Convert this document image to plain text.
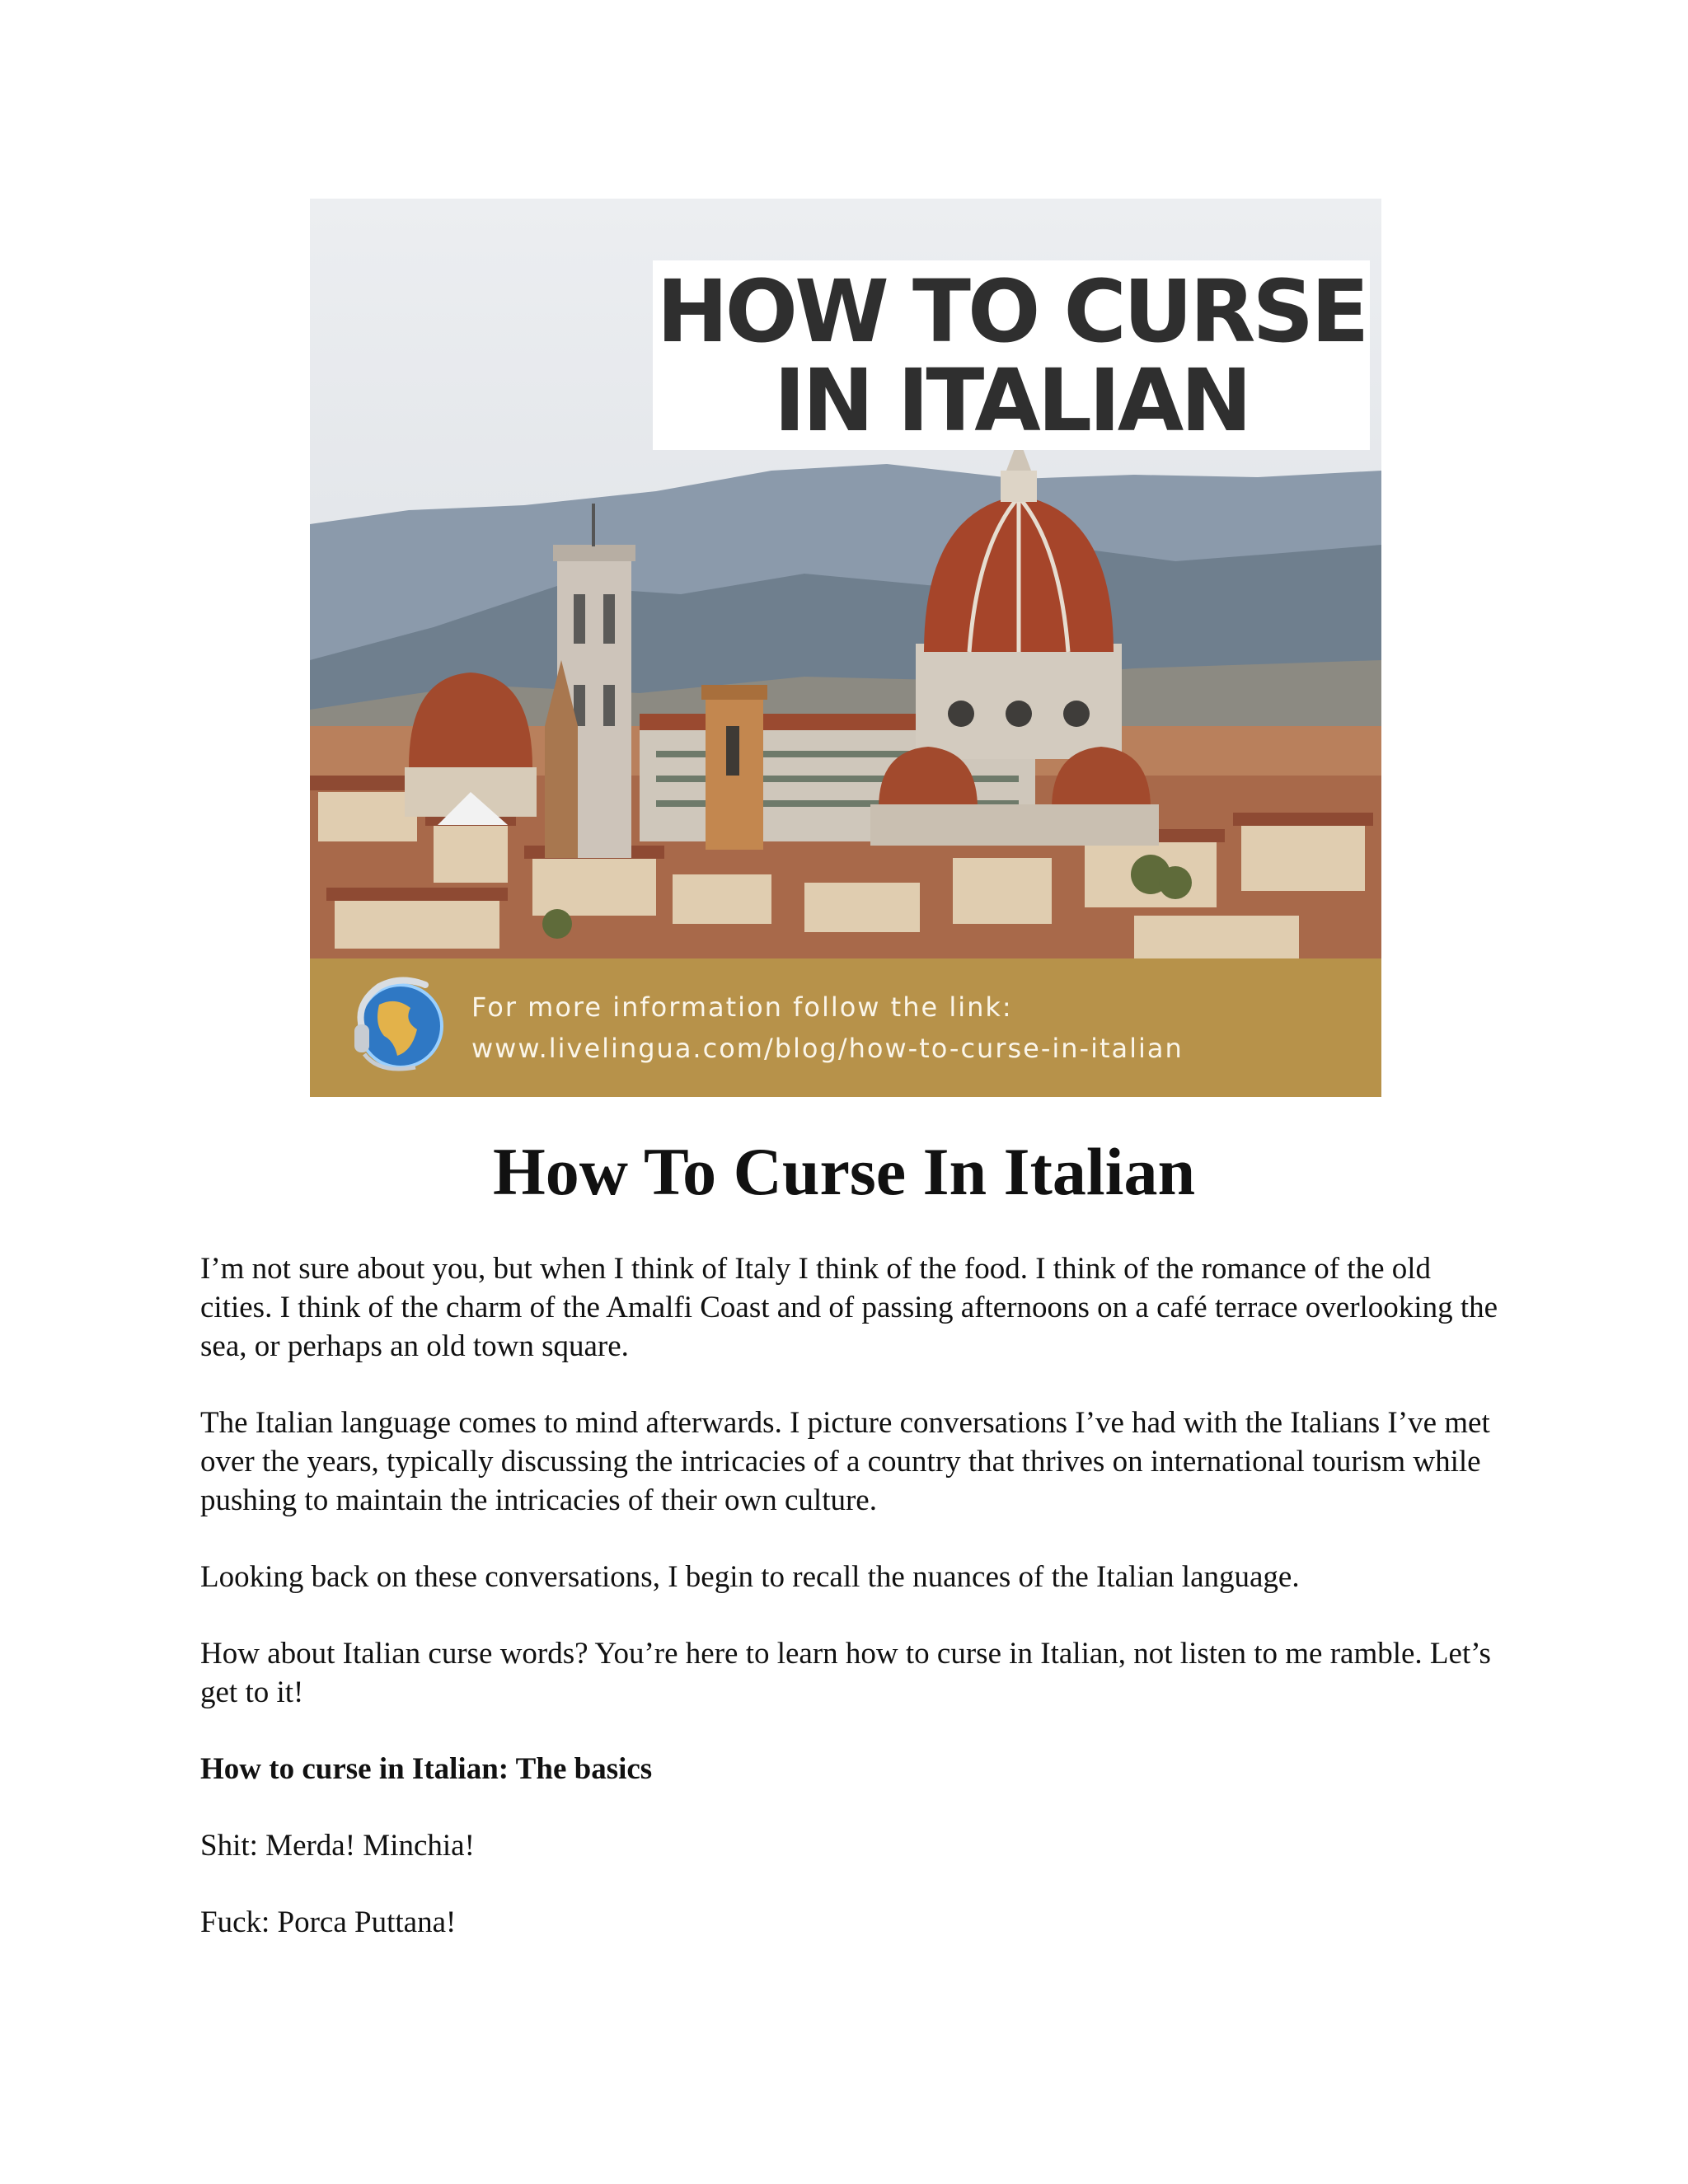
HOW TO CURSE
IN ITALIAN
For more information follow the link:
www.livelingua.com/blog/how-to-curse-in-italian
How To Curse In Italian

I’m not sure about you, but when I think of Italy I think of the food. I think of the romance of the old cities. I think of the charm of the Amalfi Coast and of passing afternoons on a café terrace overlooking the sea, or perhaps an old town square.

The Italian language comes to mind afterwards. I picture conversations I’ve had with the Italians I’ve met over the years, typically discussing the intricacies of a country that thrives on international tourism while pushing to maintain the intricacies of their own culture.

Looking back on these conversations, I begin to recall the nuances of the Italian language.

How about Italian curse words? You’re here to learn how to curse in Italian, not listen to me ramble. Let’s get to it!

How to curse in Italian: The basics

Shit: Merda! Minchia!

Fuck: Porca Puttana!
